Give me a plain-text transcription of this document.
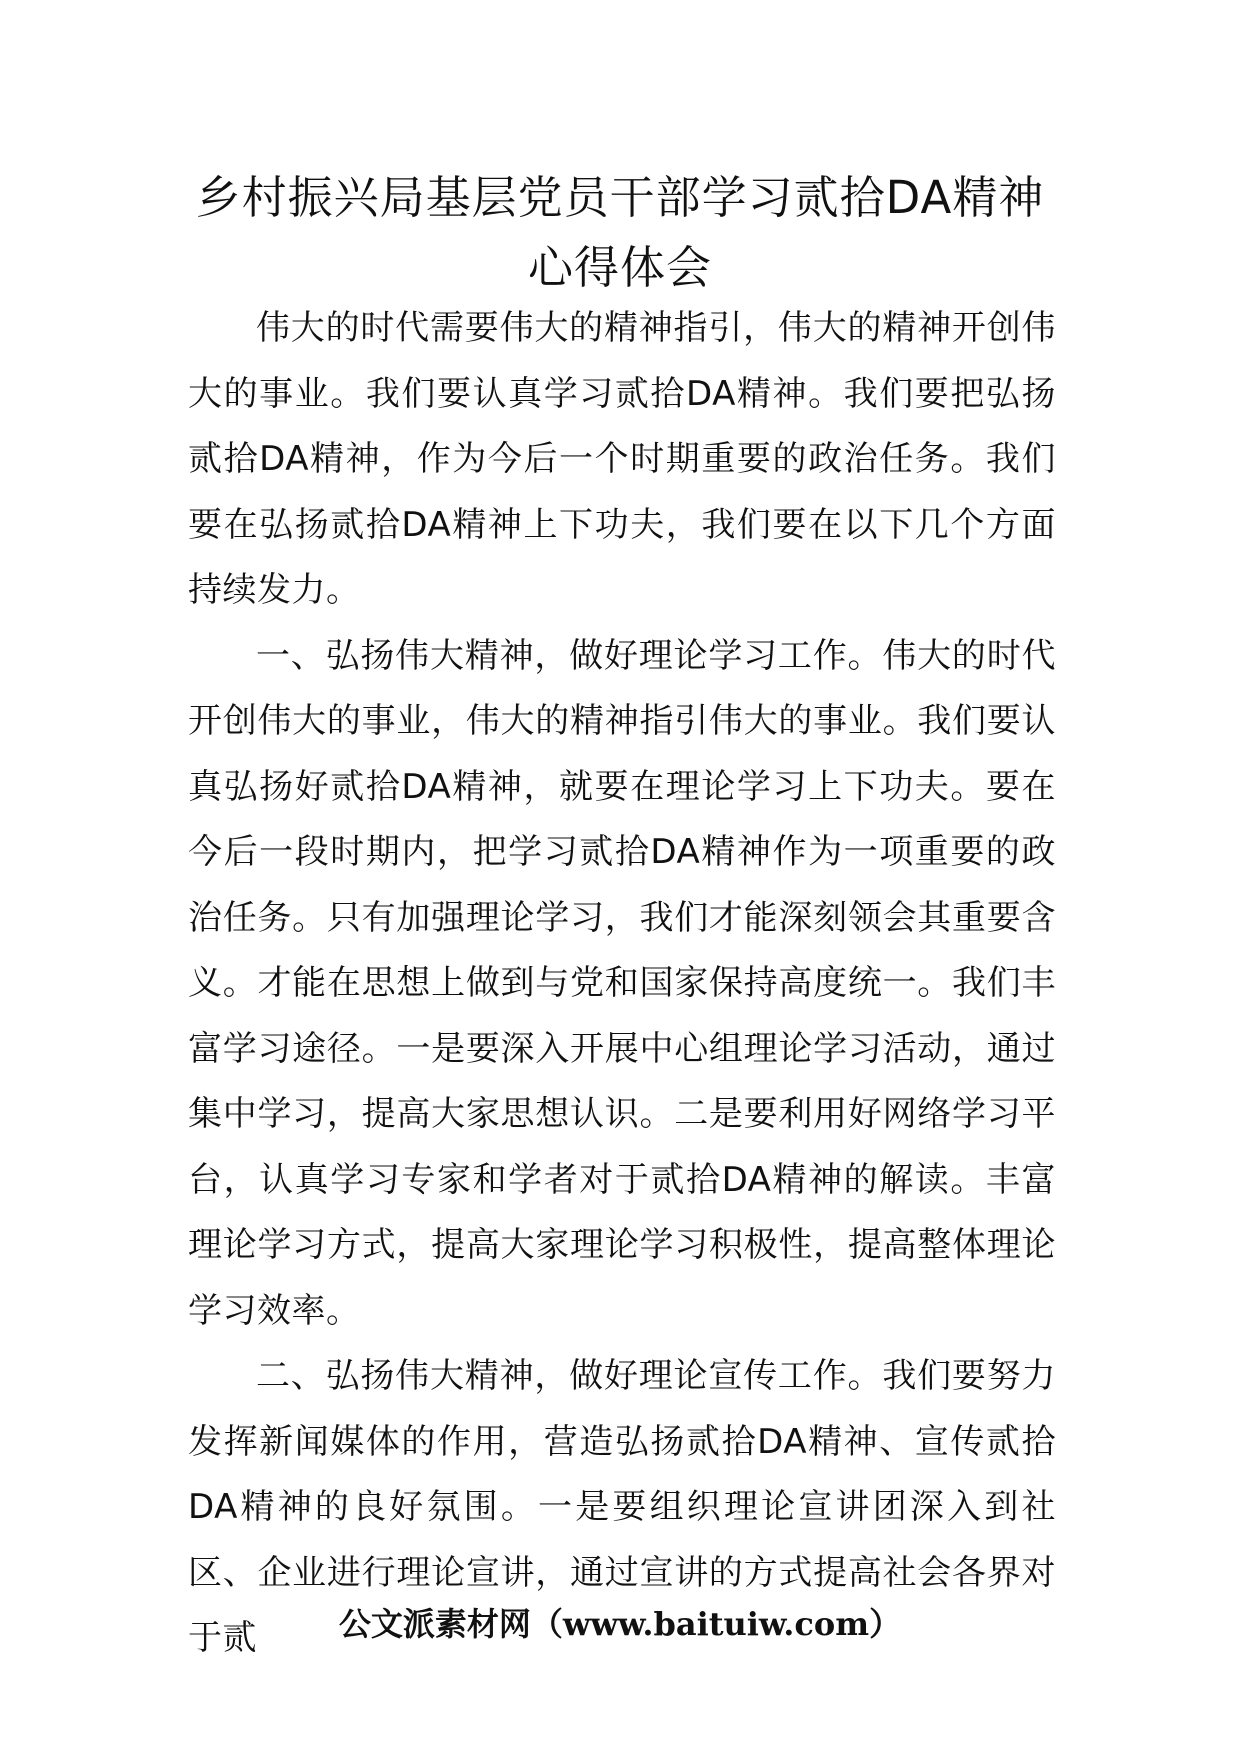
乡村振兴局基层党员干部学习贰拾DA精神
心得体会

伟大的时代需要伟大的精神指引，伟大的精神开创伟大的事业。我们要认真学习贰拾DA精神。我们要把弘扬贰拾DA精神，作为今后一个时期重要的政治任务。我们要在弘扬贰拾DA精神上下功夫，我们要在以下几个方面持续发力。

一、弘扬伟大精神，做好理论学习工作。伟大的时代开创伟大的事业，伟大的精神指引伟大的事业。我们要认真弘扬好贰拾DA精神，就要在理论学习上下功夫。要在今后一段时期内，把学习贰拾DA精神作为一项重要的政治任务。只有加强理论学习，我们才能深刻领会其重要含义。才能在思想上做到与党和国家保持高度统一。我们丰富学习途径。一是要深入开展中心组理论学习活动，通过集中学习，提高大家思想认识。二是要利用好网络学习平台，认真学习专家和学者对于贰拾DA精神的解读。丰富理论学习方式，提高大家理论学习积极性，提高整体理论学习效率。

二、弘扬伟大精神，做好理论宣传工作。我们要努力发挥新闻媒体的作用，营造弘扬贰拾DA精神、宣传贰拾DA精神的良好氛围。一是要组织理论宣讲团深入到社区、企业进行理论宣讲，通过宣讲的方式提高社会各界对于贰	公文派素材网（www.baituiw.com）
